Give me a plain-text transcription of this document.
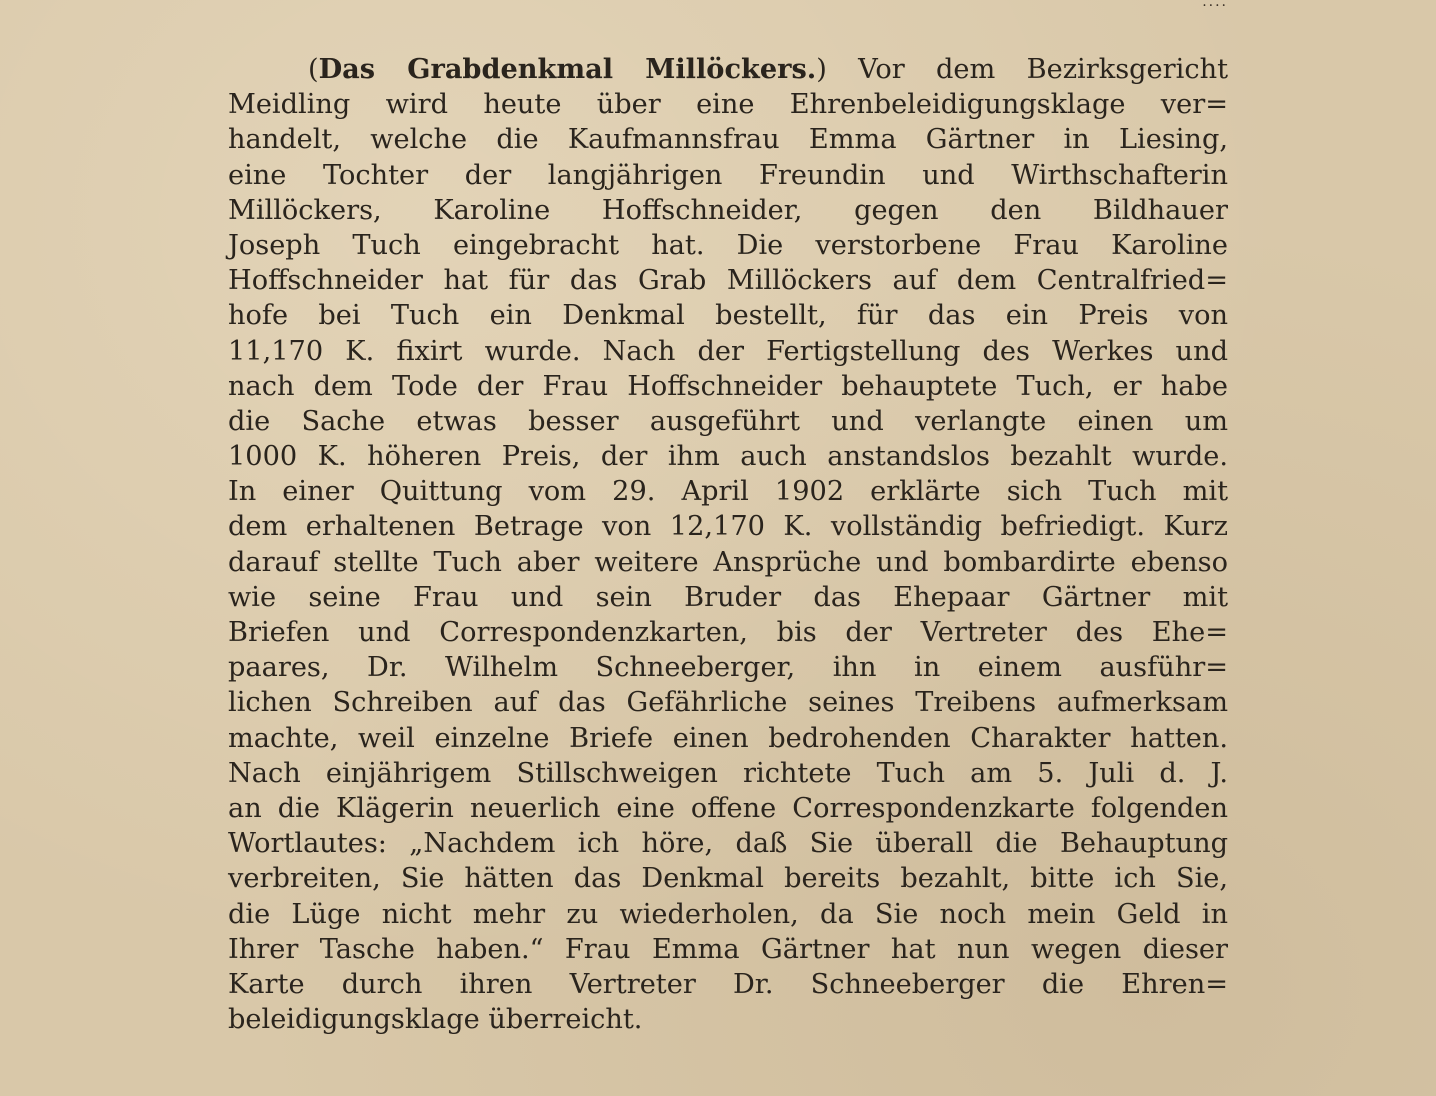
....
(Das Grabdenkmal Millöckers.) Vor dem Bezirksgericht
Meidling wird heute über eine Ehrenbeleidigungsklage ver=
handelt, welche die Kaufmannsfrau Emma Gärtner in Liesing,
eine Tochter der langjährigen Freundin und Wirthschafterin
Millöckers, Karoline Hoffschneider, gegen den Bildhauer
Joseph Tuch eingebracht hat. Die verstorbene Frau Karoline
Hoffschneider hat für das Grab Millöckers auf dem Centralfried=
hofe bei Tuch ein Denkmal bestellt, für das ein Preis von
11,170 K. fixirt wurde. Nach der Fertigstellung des Werkes und
nach dem Tode der Frau Hoffschneider behauptete Tuch, er habe
die Sache etwas besser ausgeführt und verlangte einen um
1000 K. höheren Preis, der ihm auch anstandslos bezahlt wurde.
In einer Quittung vom 29. April 1902 erklärte sich Tuch mit
dem erhaltenen Betrage von 12,170 K. vollständig befriedigt. Kurz
darauf stellte Tuch aber weitere Ansprüche und bombardirte ebenso
wie seine Frau und sein Bruder das Ehepaar Gärtner mit
Briefen und Correspondenzkarten, bis der Vertreter des Ehe=
paares, Dr. Wilhelm Schneeberger, ihn in einem ausführ=
lichen Schreiben auf das Gefährliche seines Treibens aufmerksam
machte, weil einzelne Briefe einen bedrohenden Charakter hatten.
Nach einjährigem Stillschweigen richtete Tuch am 5. Juli d. J.
an die Klägerin neuerlich eine offene Correspondenzkarte folgenden
Wortlautes: „Nachdem ich höre, daß Sie überall die Behauptung
verbreiten, Sie hätten das Denkmal bereits bezahlt, bitte ich Sie,
die Lüge nicht mehr zu wiederholen, da Sie noch mein Geld in
Ihrer Tasche haben.“ Frau Emma Gärtner hat nun wegen dieser
Karte durch ihren Vertreter Dr. Schneeberger die Ehren=
beleidigungsklage überreicht.
